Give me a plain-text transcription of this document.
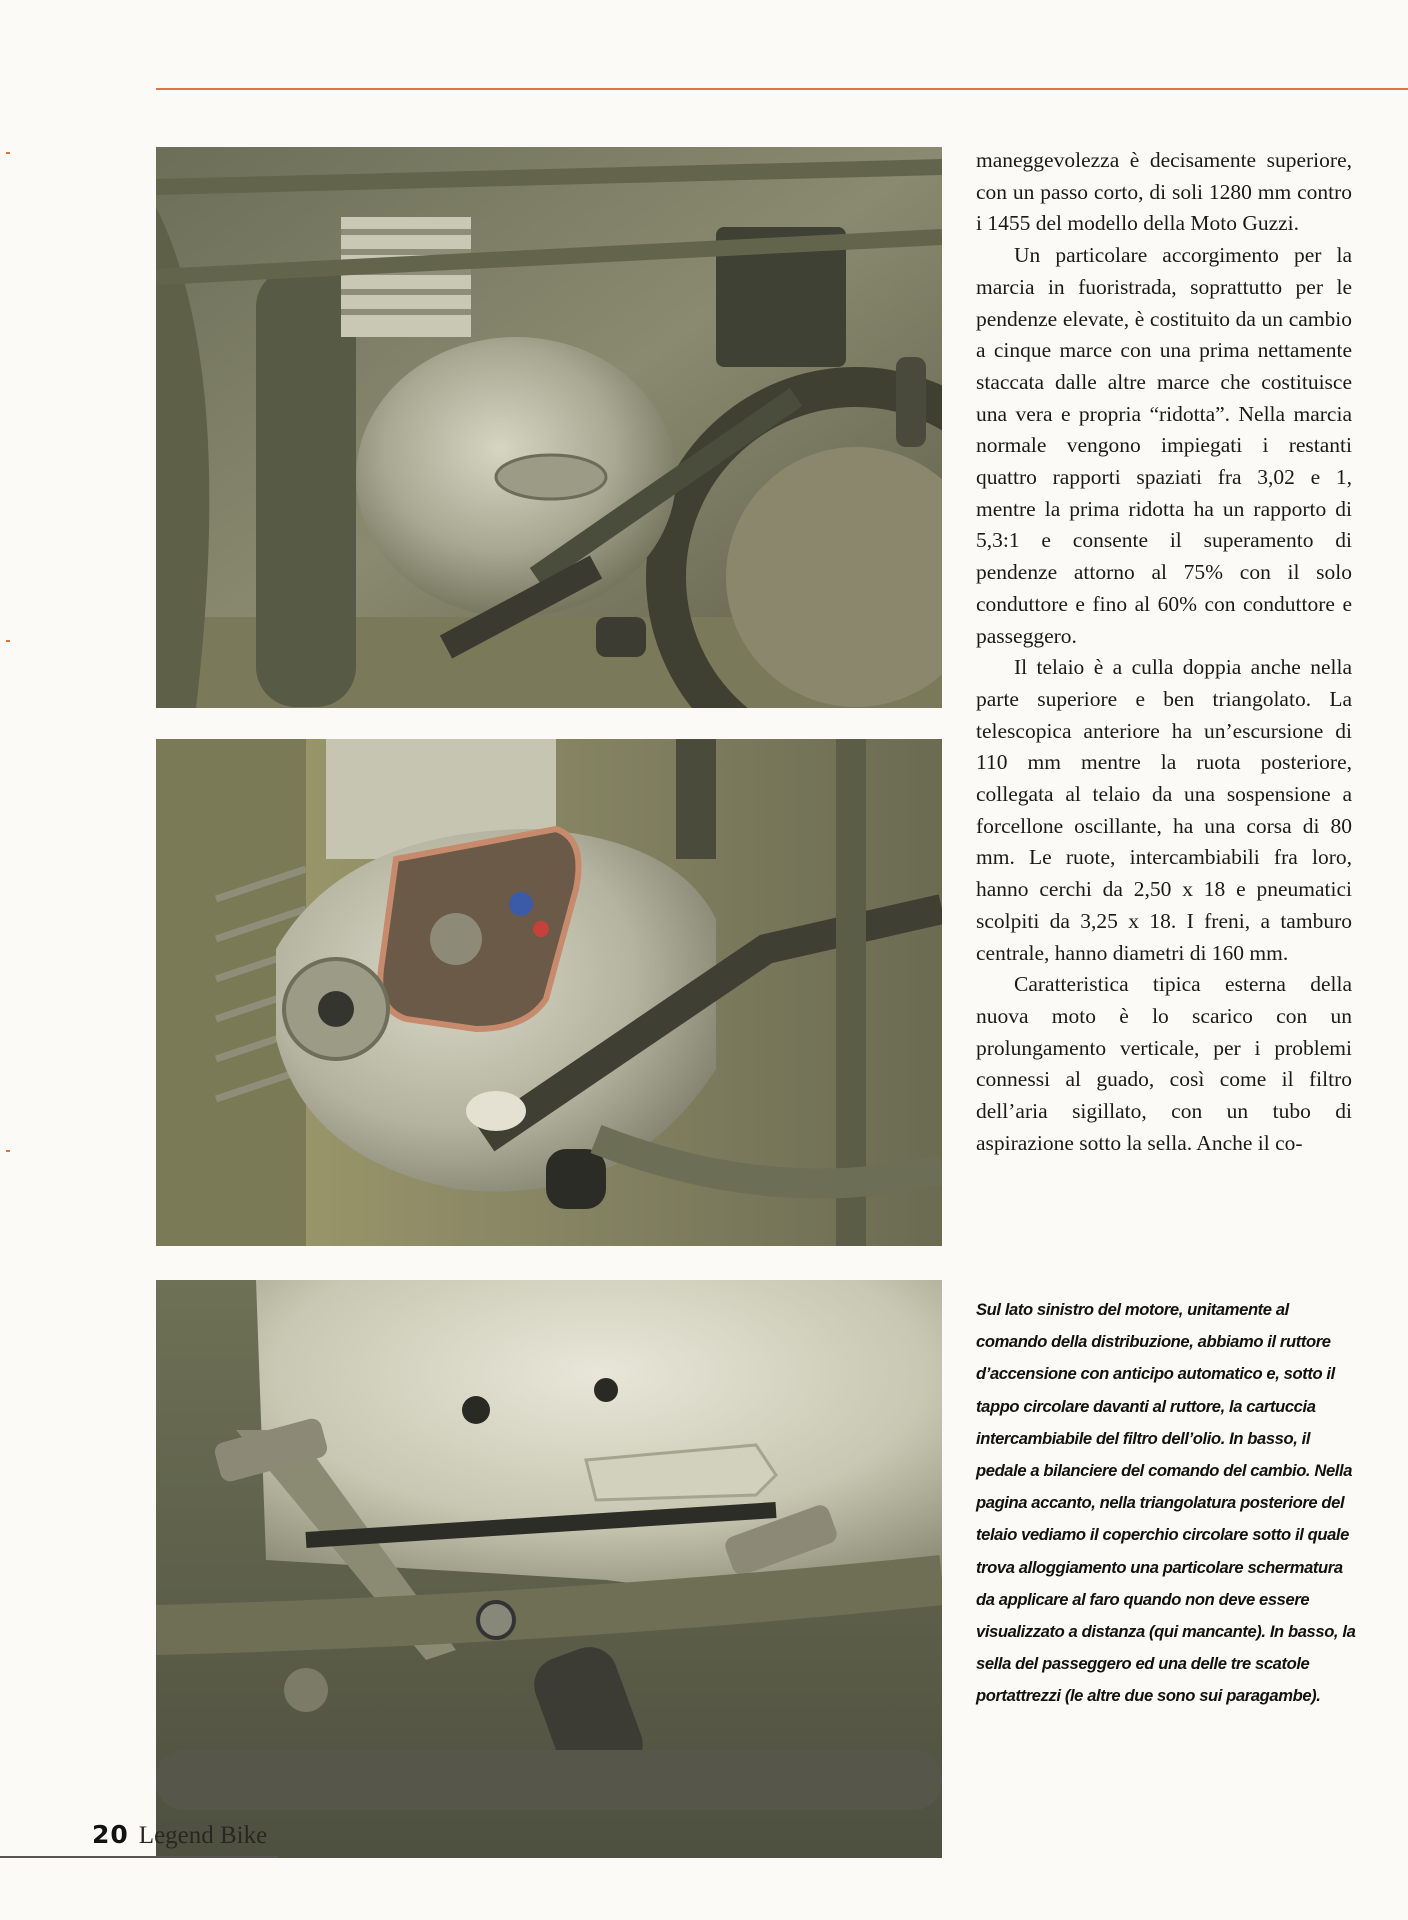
maneggevolezza è decisamente superiore, con un passo corto, di soli 1280 mm contro i 1455 del modello della Moto Guzzi.

Un particolare accorgimento per la marcia in fuoristrada, soprattutto per le pendenze elevate, è costituito da un cambio a cinque marce con una prima nettamente staccata dalle altre marce che costituisce una vera e propria “ridotta”. Nella marcia normale vengono impiegati i restanti quattro rapporti spaziati fra 3,02 e 1, mentre la prima ridotta ha un rapporto di 5,3:1 e consente il superamento di pendenze attorno al 75% con il solo conduttore e fino al 60% con conduttore e passeggero.

Il telaio è a culla doppia anche nella parte superiore e ben triangolato. La telescopica anteriore ha un’escursione di 110 mm mentre la ruota posteriore, collegata al telaio da una sospensione a forcellone oscillante, ha una corsa di 80 mm. Le ruote, intercambiabili fra loro, hanno cerchi da 2,50 x 18 e pneumatici scolpiti da 3,25 x 18. I freni, a tamburo centrale, hanno diametri di 160 mm.

Caratteristica tipica esterna della nuova moto è lo scarico con un prolungamento verticale, per i problemi connessi al guado, così come il filtro dell’aria sigillato, con un tubo di aspirazione sotto la sella. Anche il co-

Sul lato sinistro del motore, unitamente al comando della distribuzione, abbiamo il ruttore d’accensione con anticipo automatico e, sotto il tappo circolare davanti al ruttore, la cartuccia intercambiabile del filtro dell’olio. In basso, il pedale a bilanciere del comando del cambio. Nella pagina accanto, nella triangolatura posteriore del telaio vediamo il coperchio circolare sotto il quale trova alloggiamento una particolare schermatura da applicare al faro quando non deve essere visualizzato a distanza (qui mancante). In basso, la sella del passeggero ed una delle tre scatole portattrezzi (le altre due sono sui paragambe).
20 Legend Bike
